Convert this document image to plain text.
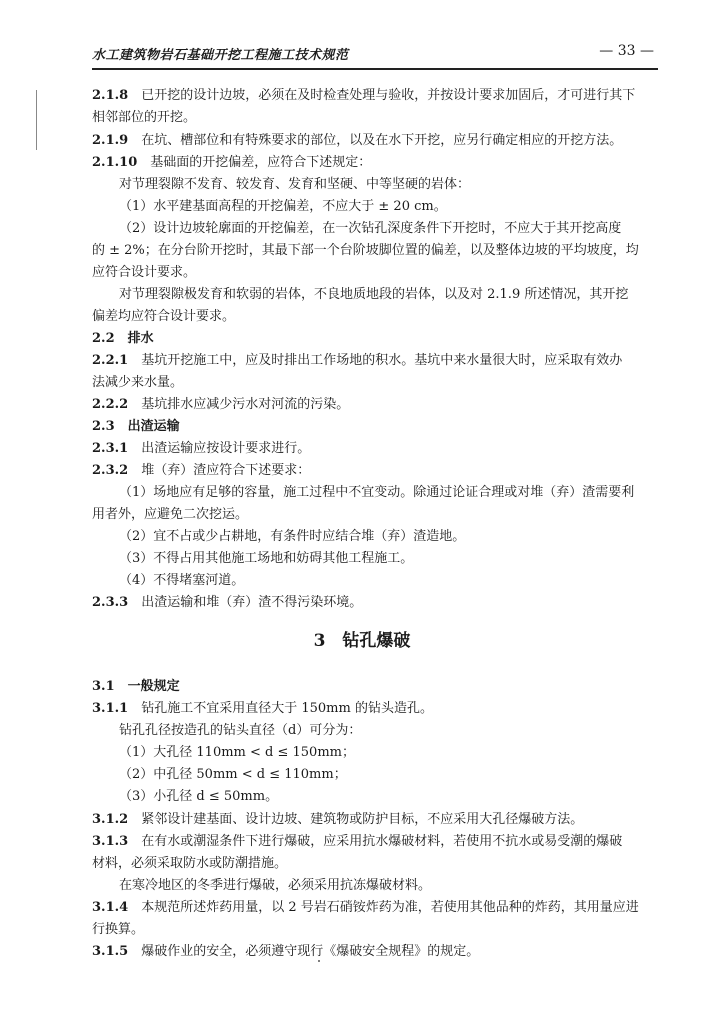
水工建筑物岩石基础开挖工程施工技术规范	— 33 —
2.1.8　 已开挖的设计边坡，必须在及时检查处理与验收，并按设计要求加固后，才可进行其下
相邻部位的开挖。
2.1.9　 在坑、槽部位和有特殊要求的部位，以及在水下开挖，应另行确定相应的开挖方法。
2.1.10　 基础面的开挖偏差，应符合下述规定：
对节理裂隙不发育、较发育、发育和坚硬、中等坚硬的岩体：
（1）水平建基面高程的开挖偏差，不应大于 ± 20 cm。
（2）设计边坡轮廓面的开挖偏差，在一次钻孔深度条件下开挖时，不应大于其开挖高度
的 ± 2%；在分台阶开挖时，其最下部一个台阶坡脚位置的偏差，以及整体边坡的平均坡度，均
应符合设计要求。
对节理裂隙极发育和软弱的岩体，不良地质地段的岩体，以及对 2.1.9 所述情况，其开挖
偏差均应符合设计要求。
2.2　 排水
2.2.1　 基坑开挖施工中，应及时排出工作场地的积水。基坑中来水量很大时，应采取有效办
法减少来水量。
2.2.2　 基坑排水应减少污水对河流的污染。
2.3　 出渣运输
2.3.1　 出渣运输应按设计要求进行。
2.3.2　 堆（弃）渣应符合下述要求：
（1）场地应有足够的容量，施工过程中不宜变动。除通过论证合理或对堆（弃）渣需要利
用者外，应避免二次挖运。
（2）宜不占或少占耕地，有条件时应结合堆（弃）渣造地。
（3）不得占用其他施工场地和妨碍其他工程施工。
（4）不得堵塞河道。
2.3.3　 出渣运输和堆（弃）渣不得污染环境。
3　钻孔爆破
3.1　 一般规定
3.1.1　 钻孔施工不宜采用直径大于 150mm 的钻头造孔。
钻孔孔径按造孔的钻头直径（d）可分为：
（1）大孔径 110mm < d ≤ 150mm；
（2）中孔径 50mm < d ≤ 110mm；
（3）小孔径 d ≤ 50mm。
3.1.2　 紧邻设计建基面、设计边坡、建筑物或防护目标，不应采用大孔径爆破方法。
3.1.3　 在有水或潮湿条件下进行爆破，应采用抗水爆破材料，若使用不抗水或易受潮的爆破
材料，必须采取防水或防潮措施。
在寒冷地区的冬季进行爆破，必须采用抗冻爆破材料。
3.1.4　 本规范所述炸药用量，以 2 号岩石硝铵炸药为准，若使用其他品种的炸药，其用量应进
行换算。
3.1.5　 爆破作业的安全，必须遵守现行《爆破安全规程》的规定。
